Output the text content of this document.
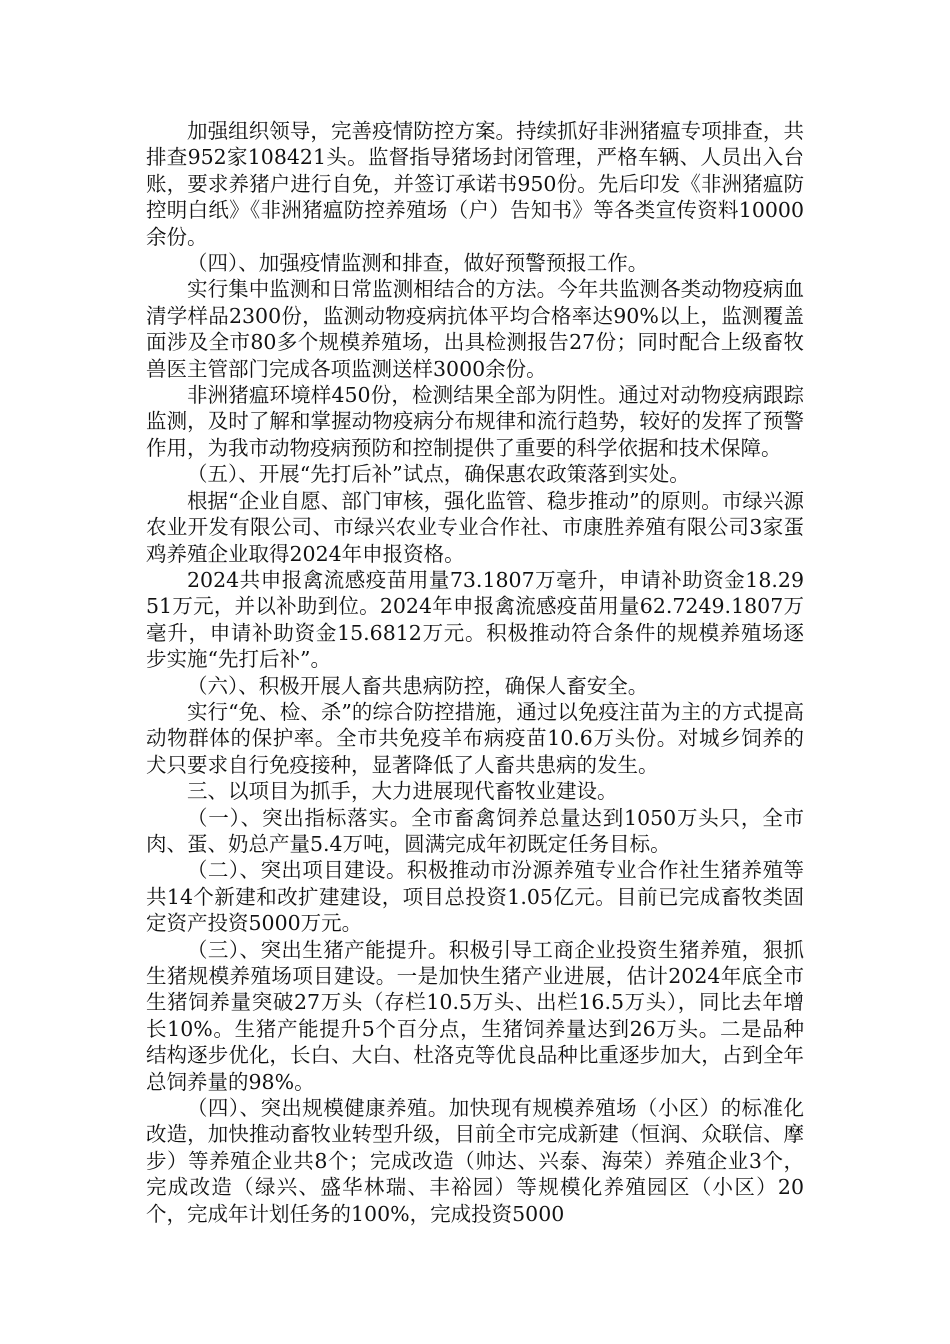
加强组织领导，完善疫情防控方案。持续抓好非洲猪瘟专项排查，共排查952家108421头。监督指导猪场封闭管理，严格车辆、人员出入台账，要求养猪户进行自免，并签订承诺书950份。先后印发《非洲猪瘟防控明白纸》《非洲猪瘟防控养殖场（户）告知书》等各类宣传资料10000余份。

（四）、加强疫情监测和排查，做好预警预报工作。

实行集中监测和日常监测相结合的方法。今年共监测各类动物疫病血清学样品2300份，监测动物疫病抗体平均合格率达90%以上，监测覆盖面涉及全市80多个规模养殖场，出具检测报告27份；同时配合上级畜牧兽医主管部门完成各项监测送样3000余份。

非洲猪瘟环境样450份，检测结果全部为阴性。通过对动物疫病跟踪监测，及时了解和掌握动物疫病分布规律和流行趋势，较好的发挥了预警作用，为我市动物疫病预防和控制提供了重要的科学依据和技术保障。

（五）、开展“先打后补”试点，确保惠农政策落到实处。

根据“企业自愿、部门审核，强化监管、稳步推动”的原则。市绿兴源农业开发有限公司、市绿兴农业专业合作社、市康胜养殖有限公司3家蛋鸡养殖企业取得2024年申报资格。

2024共申报禽流感疫苗用量73.1807万毫升，申请补助资金18.2951万元，并以补助到位。2024年申报禽流感疫苗用量62.7249.1807万毫升，申请补助资金15.6812万元。积极推动符合条件的规模养殖场逐步实施“先打后补”。

（六）、积极开展人畜共患病防控，确保人畜安全。

实行“免、检、杀”的综合防控措施，通过以免疫注苗为主的方式提高动物群体的保护率。全市共免疫羊布病疫苗10.6万头份。对城乡饲养的犬只要求自行免疫接种，显著降低了人畜共患病的发生。

三、以项目为抓手，大力进展现代畜牧业建设。

（一）、突出指标落实。全市畜禽饲养总量达到1050万头只，全市肉、蛋、奶总产量5.4万吨，圆满完成年初既定任务目标。

（二）、突出项目建设。积极推动市汾源养殖专业合作社生猪养殖等共14个新建和改扩建建设，项目总投资1.05亿元。目前已完成畜牧类固定资产投资5000万元。

（三）、突出生猪产能提升。积极引导工商企业投资生猪养殖，狠抓生猪规模养殖场项目建设。一是加快生猪产业进展，估计2024年底全市生猪饲养量突破27万头（存栏10.5万头、出栏16.5万头），同比去年增长10%。生猪产能提升5个百分点，生猪饲养量达到26万头。二是品种结构逐步优化，长白、大白、杜洛克等优良品种比重逐步加大，占到全年总饲养量的98%。

（四）、突出规模健康养殖。加快现有规模养殖场（小区）的标准化改造，加快推动畜牧业转型升级，目前全市完成新建（恒润、众联信、摩步）等养殖企业共8个；完成改造（帅达、兴泰、海荣）养殖企业3个，完成改造（绿兴、盛华林瑞、丰裕园）等规模化养殖园区（小区）20个，完成年计划任务的100%，完成投资5000
